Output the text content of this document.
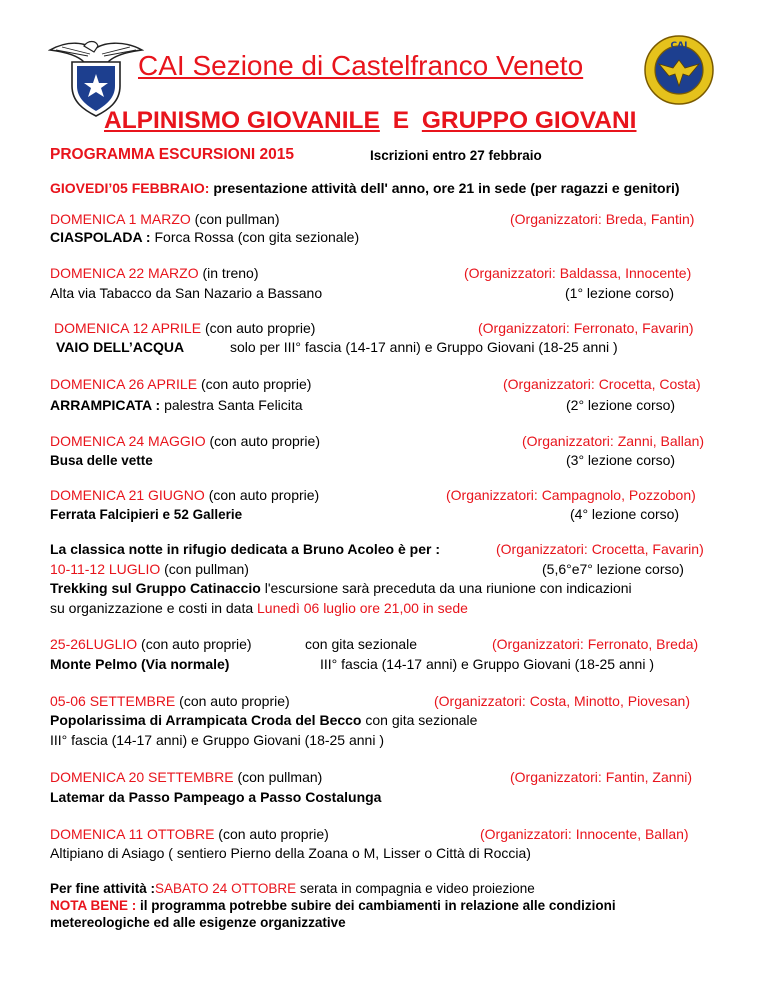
CAI
CAI Sezione di Castelfranco Veneto
ALPINISMO GIOVANILE E GRUPPO GIOVANI
PROGRAMMA ESCURSIONI 2015	Iscrizioni entro 27 febbraio
GIOVEDI’05 FEBBRAIO: presentazione attività dell' anno, ore 21 in sede (per ragazzi e genitori)
DOMENICA 1 MARZO (con pullman)	(Organizzatori: Breda, Fantin)
CIASPOLADA : Forca Rossa (con gita sezionale)
DOMENICA 22 MARZO (in treno)	(Organizzatori: Baldassa, Innocente)
Alta via Tabacco da San Nazario a Bassano	(1° lezione corso)
DOMENICA 12 APRILE (con auto proprie)	(Organizzatori: Ferronato, Favarin)
VAIO DELL’ACQUA	solo per III° fascia (14-17 anni) e Gruppo Giovani (18-25 anni )
DOMENICA 26 APRILE (con auto proprie)	(Organizzatori: Crocetta, Costa)
ARRAMPICATA : palestra Santa Felicita	(2° lezione corso)
DOMENICA 24 MAGGIO (con auto proprie)	(Organizzatori: Zanni, Ballan)
Busa delle vette	(3° lezione corso)
DOMENICA 21 GIUGNO (con auto proprie)	(Organizzatori: Campagnolo, Pozzobon)
Ferrata Falcipieri e 52 Gallerie	(4° lezione corso)
La classica notte in rifugio dedicata a Bruno Acoleo è per :	(Organizzatori: Crocetta, Favarin)
10-11-12 LUGLIO (con pullman)	(5,6°e7° lezione corso)
Trekking sul Gruppo Catinaccio l'escursione sarà preceduta da una riunione con indicazioni
su organizzazione e costi in data Lunedì 06 luglio ore 21,00 in sede
25-26LUGLIO (con auto proprie)	con gita sezionale	(Organizzatori: Ferronato, Breda)
Monte Pelmo (Via normale)	III° fascia (14-17 anni) e Gruppo Giovani (18-25 anni )
05-06 SETTEMBRE (con auto proprie)	(Organizzatori: Costa, Minotto, Piovesan)
Popolarissima di Arrampicata Croda del Becco con gita sezionale
III° fascia (14-17 anni) e Gruppo Giovani (18-25 anni )
DOMENICA 20 SETTEMBRE (con pullman)	(Organizzatori: Fantin, Zanni)
Latemar da Passo Pampeago a Passo Costalunga
DOMENICA 11 OTTOBRE (con auto proprie)	(Organizzatori: Innocente, Ballan)
Altipiano di Asiago ( sentiero Pierno della Zoana o M, Lisser o Città di Roccia)
Per fine attività :SABATO 24 OTTOBRE serata in compagnia e video proiezione
NOTA BENE : il programma potrebbe subire dei cambiamenti in relazione alle condizioni
metereologiche ed alle esigenze organizzative
